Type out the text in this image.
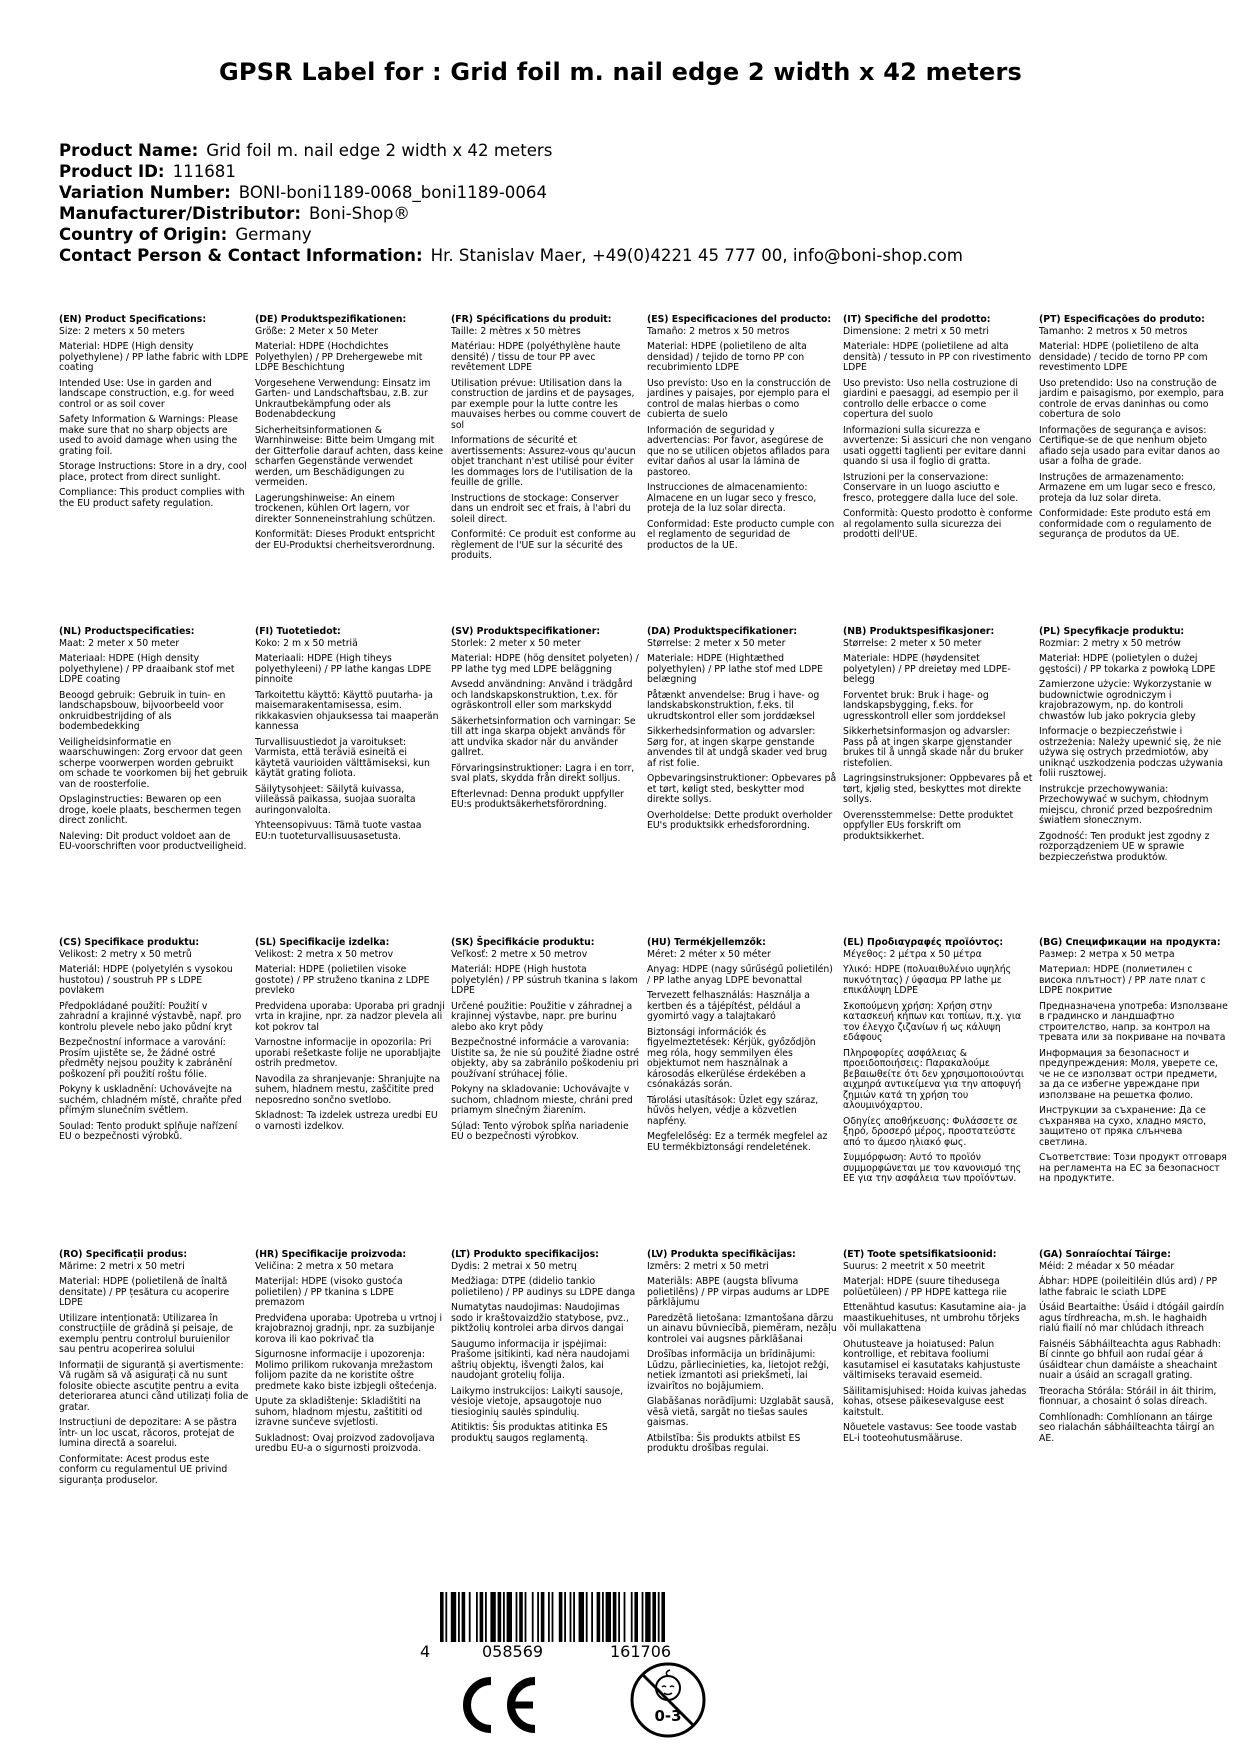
GPSR Label for : Grid foil m. nail edge 2 width x 42 meters
Product Name: Grid foil m. nail edge 2 width x 42 meters
Product ID: 111681
Variation Number: BONI-boni1189-0068_boni1189-0064
Manufacturer/Distributor: Boni-Shop®
Country of Origin: Germany
Contact Person & Contact Information: Hr. Stanislav Maer, +49(0)4221 45 777 00, info@boni-shop.com
(EN) Product Specifications:

Size: 2 meters x 50 meters

Material: HDPE (High density polyethylene) / PP lathe fabric with LDPE coating

Intended Use: Use in garden and landscape construction, e.g. for weed control or as soil cover

Safety Information & Warnings: Please make sure that no sharp objects are used to avoid damage when using the grating foil.

Storage Instructions: Store in a dry, cool place, protect from direct sunlight.

Compliance: This product complies with the EU product safety regulation.

(DE) Produktspezifikationen:

Größe: 2 Meter x 50 Meter

Material: HDPE (Hochdichtes Polyethylen) / PP Drehergewebe mit LDPE Beschichtung

Vorgesehene Verwendung: Einsatz im Garten- und Landschaftsbau, z.B. zur Unkrautbekämpfung oder als Bodenabdeckung

Sicherheitsinformationen & Warnhinweise: Bitte beim Umgang mit der Gitterfolie darauf achten, dass keine scharfen Gegenstände verwendet werden, um Beschädigungen zu vermeiden.

Lagerungshinweise: An einem trockenen, kühlen Ort lagern, vor direkter Sonneneinstrahlung schützen.

Konformität: Dieses Produkt entspricht der EU-Produktsi cherheitsverordnung.

(FR) Spécifications du produit:

Taille: 2 mètres x 50 mètres

Matériau: HDPE (polyéthylène haute densité) / tissu de tour PP avec revêtement LDPE

Utilisation prévue: Utilisation dans la construction de jardins et de paysages, par exemple pour la lutte contre les mauvaises herbes ou comme couvert de sol

Informations de sécurité et avertissements: Assurez-vous qu'aucun objet tranchant n'est utilisé pour éviter les dommages lors de l'utilisation de la feuille de grille.

Instructions de stockage: Conserver dans un endroit sec et frais, à l'abri du soleil direct.

Conformité: Ce produit est conforme au règlement de l'UE sur la sécurité des produits.

(ES) Especificaciones del producto:

Tamaño: 2 metros x 50 metros

Material: HDPE (polietileno de alta densidad) / tejido de torno PP con recubrimiento LDPE

Uso previsto: Uso en la construcción de jardines y paisajes, por ejemplo para el control de malas hierbas o como cubierta de suelo

Información de seguridad y advertencias: Por favor, asegúrese de que no se utilicen objetos afilados para evitar daños al usar la lámina de pastoreo.

Instrucciones de almacenamiento: Almacene en un lugar seco y fresco, proteja de la luz solar directa.

Conformidad: Este producto cumple con el reglamento de seguridad de productos de la UE.

(IT) Specifiche del prodotto:

Dimensione: 2 metri x 50 metri

Materiale: HDPE (polietilene ad alta densità) / tessuto in PP con rivestimento LDPE

Uso previsto: Uso nella costruzione di giardini e paesaggi, ad esempio per il controllo delle erbacce o come copertura del suolo

Informazioni sulla sicurezza e avvertenze: Si assicuri che non vengano usati oggetti taglienti per evitare danni quando si usa il foglio di gratta.

Istruzioni per la conservazione: Conservare in un luogo asciutto e fresco, proteggere dalla luce del sole.

Conformità: Questo prodotto è conforme al regolamento sulla sicurezza dei prodotti dell'UE.

(PT) Especificações do produto:

Tamanho: 2 metros x 50 metros

Material: HDPE (polietileno de alta densidade) / tecido de torno PP com revestimento LDPE

Uso pretendido: Uso na construção de jardim e paisagismo, por exemplo, para controle de ervas daninhas ou como cobertura de solo

Informações de segurança e avisos: Certifique-se de que nenhum objeto afiado seja usado para evitar danos ao usar a folha de grade.

Instruções de armazenamento: Armazene em um lugar seco e fresco, proteja da luz solar direta.

Conformidade: Este produto está em conformidade com o regulamento de segurança de produtos da UE.

(NL) Productspecificaties:

Maat: 2 meter x 50 meter

Materiaal: HDPE (High density polyethylene) / PP draaibank stof met LDPE coating

Beoogd gebruik: Gebruik in tuin- en landschapsbouw, bijvoorbeeld voor onkruidbestrijding of als bodembedekking

Veiligheidsinformatie en waarschuwingen: Zorg ervoor dat geen scherpe voorwerpen worden gebruikt om schade te voorkomen bij het gebruik van de roosterfolie.

Opslaginstructies: Bewaren op een droge, koele plaats, beschermen tegen direct zonlicht.

Naleving: Dit product voldoet aan de EU-voorschriften voor productveiligheid.

(FI) Tuotetiedot:

Koko: 2 m x 50 metriä

Materiaali: HDPE (High tiheys polyethyleeni) / PP lathe kangas LDPE pinnoite

Tarkoitettu käyttö: Käyttö puutarha- ja maisemarakentamisessa, esim. rikkakasvien ohjauksessa tai maaperän kannessa

Turvallisuustiedot ja varoitukset: Varmista, että teräviä esineitä ei käytetä vaurioiden välttämiseksi, kun käytät grating foliota.

Säilytysohjeet: Säilytä kuivassa, viileässä paikassa, suojaa suoralta auringonvalolta.

Yhteensopivuus: Tämä tuote vastaa EU:n tuoteturvallisuusasetusta.

(SV) Produktspecifikationer:

Storlek: 2 meter x 50 meter

Material: HDPE (hög densitet polyeten) / PP lathe tyg med LDPE beläggning

Avsedd användning: Använd i trädgård och landskapskonstruktion, t.ex. för ogräskontroll eller som markskydd

Säkerhetsinformation och varningar: Se till att inga skarpa objekt används för att undvika skador när du använder gallret.

Förvaringsinstruktioner: Lagra i en torr, sval plats, skydda från direkt solljus.

Efterlevnad: Denna produkt uppfyller EU:s produktsäkerhetsförordning.

(DA) Produktspecifikationer:

Størrelse: 2 meter x 50 meter

Materiale: HDPE (Hightæthed polyethylen) / PP lathe stof med LDPE belægning

Påtænkt anvendelse: Brug i have- og landskabskonstruktion, f.eks. til ukrudtskontrol eller som jorddæksel

Sikkerhedsinformation og advarsler: Sørg for, at ingen skarpe genstande anvendes til at undgå skader ved brug af rist folie.

Opbevaringsinstruktioner: Opbevares på et tørt, køligt sted, beskytter mod direkte sollys.

Overholdelse: Dette produkt overholder EU's produktsikk erhedsforordning.

(NB) Produktspesifikasjoner:

Størrelse: 2 meter x 50 meter

Materiale: HDPE (høydensitet polyetylen) / PP dreietøy med LDPE-belegg

Forventet bruk: Bruk i hage- og landskapsbygging, f.eks. for ugresskontroll eller som jorddeksel

Sikkerhetsinformasjon og advarsler: Pass på at ingen skarpe gjenstander brukes til å unngå skade når du bruker ristefolien.

Lagringsinstruksjoner: Oppbevares på et tørt, kjølig sted, beskyttes mot direkte sollys.

Overensstemmelse: Dette produktet oppfyller EUs forskrift om produktsikkerhet.

(PL) Specyfikacje produktu:

Rozmiar: 2 metry x 50 metrów

Materiał: HDPE (polietylen o dużej gęstości) / PP tokarka z powłoką LDPE

Zamierzone użycie: Wykorzystanie w budownictwie ogrodniczym i krajobrazowym, np. do kontroli chwastów lub jako pokrycia gleby

Informacje o bezpieczeństwie i ostrzeżenia: Należy upewnić się, że nie używa się ostrych przedmiotów, aby uniknąć uszkodzenia podczas używania folii rusztowej.

Instrukcje przechowywania: Przechowywać w suchym, chłodnym miejscu, chronić przed bezpośrednim światłem słonecznym.

Zgodność: Ten produkt jest zgodny z rozporządzeniem UE w sprawie bezpieczeństwa produktów.

(CS) Specifikace produktu:

Velikost: 2 metry x 50 metrů

Materiál: HDPE (polyetylén s vysokou hustotou) / soustruh PP s LDPE povlakem

Předpokládané použití: Použití v zahradní a krajinné výstavbě, např. pro kontrolu plevele nebo jako půdní kryt

Bezpečnostní informace a varování: Prosím ujistěte se, že žádné ostré předměty nejsou použity k zabránění poškození při použití roštu fólie.

Pokyny k uskladnění: Uchovávejte na suchém, chladném místě, chraňte před přímým slunečním světlem.

Soulad: Tento produkt splňuje nařízení EU o bezpečnosti výrobků.

(SL) Specifikacije izdelka:

Velikost: 2 metra x 50 metrov

Material: HDPE (polietilen visoke gostote) / PP struženo tkanina z LDPE prevleko

Predvidena uporaba: Uporaba pri gradnji vrta in krajine, npr. za nadzor plevela ali kot pokrov tal

Varnostne informacije in opozorila: Pri uporabi rešetkaste folije ne uporabljajte ostrih predmetov.

Navodila za shranjevanje: Shranjujte na suhem, hladnem mestu, zaščitite pred neposredno sončno svetlobo.

Skladnost: Ta izdelek ustreza uredbi EU o varnosti izdelkov.

(SK) Špecifikácie produktu:

Veľkosť: 2 metre x 50 metrov

Materiál: HDPE (High hustota polyetylén) / PP sústruh tkanina s lakom LDPE

Určené použitie: Použitie v záhradnej a krajinnej výstavbe, napr. pre burinu alebo ako kryt pôdy

Bezpečnostné informácie a varovania: Uistite sa, že nie sú použité žiadne ostré objekty, aby sa zabránilo poškodeniu pri používaní strúhacej fólie.

Pokyny na skladovanie: Uchovávajte v suchom, chladnom mieste, chráni pred priamym slnečným žiarením.

Súlad: Tento výrobok spĺňa nariadenie EÚ o bezpečnosti výrobkov.

(HU) Termékjellemzők:

Méret: 2 méter x 50 méter

Anyag: HDPE (nagy sűrűségű polietilén) / PP lathe anyag LDPE bevonattal

Tervezett felhasználás: Használja a kertben és a tájépítést, például a gyomirtó vagy a talajtakaró

Biztonsági információk és figyelmeztetések: Kérjük, győződjön meg róla, hogy semmilyen éles objektumot nem használnak a károsodás elkerülése érdekében a csónakázás során.

Tárolási utasítások: Üzlet egy száraz, hűvös helyen, védje a közvetlen napfény.

Megfelelőség: Ez a termék megfelel az EU termékbiztonsági rendeletének.

(EL) Προδιαγραφές προϊόντος:

Μέγεθος: 2 μέτρα x 50 μέτρα

Υλικό: HDPE (πολυαιθυλένιο υψηλής πυκνότητας) / ύφασμα PP lathe με επικάλυψη LDPE

Σκοπούμενη χρήση: Χρήση στην κατασκευή κήπων και τοπίων, π.χ. για τον έλεγχο ζιζανίων ή ως κάλυψη εδάφους

Πληροφορίες ασφάλειας & προειδοποιήσεις: Παρακαλούμε βεβαιωθείτε ότι δεν χρησιμοποιούνται αιχμηρά αντικείμενα για την αποφυγή ζημιών κατά τη χρήση του αλουμινόχαρτου.

Οδηγίες αποθήκευσης: Φυλάσσετε σε ξηρό, δροσερό μέρος, προστατεύστε από το άμεσο ηλιακό φως.

Συμμόρφωση: Αυτό το προϊόν συμμορφώνεται με τον κανονισμό της ΕΕ για την ασφάλεια των προϊόντων.

(BG) Спецификации на продукта:

Размер: 2 метра x 50 метра

Материал: HDPE (полиетилен с висока плътност) / PP лате плат с LDPE покритие

Предназначена употреба: Използване в градинско и ландшафтно строителство, напр. за контрол на тревата или за покриване на почвата

Информация за безопасност и предупреждения: Моля, уверете се, че не се използват остри предмети, за да се избегне увреждане при използване на решетка фолио.

Инструкции за съхранение: Да се съхранява на сухо, хладно място, защитено от пряка слънчева светлина.

Съответствие: Този продукт отговаря на регламента на ЕС за безопасност на продуктите.

(RO) Specificații produs:

Mărime: 2 metri x 50 metri

Material: HDPE (polietilenă de înaltă densitate) / PP țesătura cu acoperire LDPE

Utilizare intenționată: Utilizarea în construcțiile de grădină și peisaje, de exemplu pentru controlul buruienilor sau pentru acoperirea solului

Informații de siguranță și avertismente: Vă rugăm să vă asigurați că nu sunt folosite obiecte ascuțite pentru a evita deteriorarea atunci când utilizați folia de gratar.

Instrucțiuni de depozitare: A se păstra într- un loc uscat, răcoros, protejat de lumina directă a soarelui.

Conformitate: Acest produs este conform cu regulamentul UE privind siguranța produselor.

(HR) Specifikacije proizvoda:

Veličina: 2 metra x 50 metara

Materijal: HDPE (visoko gustoća polietilen) / PP tkanina s LDPE premazom

Predviđena uporaba: Upotreba u vrtnoj i krajobraznoj gradnji, npr. za suzbijanje korova ili kao pokrivač tla

Sigurnosne informacije i upozorenja: Molimo prilikom rukovanja mrežastom folijom pazite da ne koristite oštre predmete kako biste izbjegli oštećenja.

Upute za skladištenje: Skladištiti na suhom, hladnom mjestu, zaštititi od izravne sunčeve svjetlosti.

Sukladnost: Ovaj proizvod zadovoljava uredbu EU-a o sigurnosti proizvoda.

(LT) Produkto specifikacijos:

Dydis: 2 metrai x 50 metrų

Medžiaga: DTPE (didelio tankio polietileno) / PP audinys su LDPE danga

Numatytas naudojimas: Naudojimas sodo ir kraštovaizdžio statybose, pvz., piktžolių kontrolei arba dirvos dangai

Saugumo informacija ir įspėjimai: Prašome įsitikinti, kad nėra naudojami aštrių objektų, išvengti žalos, kai naudojant grotelių folija.

Laikymo instrukcijos: Laikyti sausoje, vėsioje vietoje, apsaugotoje nuo tiesioginių saulės spindulių.

Atitiktis: Šis produktas atitinka ES produktų saugos reglamentą.

(LV) Produkta specifikācijas:

Izmērs: 2 metri x 50 metri

Materiāls: ABPE (augsta blīvuma polietilēns) / PP virpas audums ar LDPE pārklājumu

Paredzētā lietošana: Izmantošana dārzu un ainavu būvniecībā, piemēram, nezāļu kontrolei vai augsnes pārklāšanai

Drošības informācija un brīdinājumi: Lūdzu, pārliecinieties, ka, lietojot režģi, netiek izmantoti asi priekšmeti, lai izvairītos no bojājumiem.

Glabāšanas norādījumi: Uzglabāt sausā, vēsā vietā, sargāt no tiešas saules gaismas.

Atbilstība: Šis produkts atbilst ES produktu drošības regulai.

(ET) Toote spetsifikatsioonid:

Suurus: 2 meetrit x 50 meetrit

Materjal: HDPE (suure tihedusega polüetüleen) / PP HDPE kattega riie

Ettenähtud kasutus: Kasutamine aia- ja maastikuehituses, nt umbrohu tõrjeks või mullakattena

Ohutusteave ja hoiatused: Palun kontrollige, et rebitava fooliumi kasutamisel ei kasutataks kahjustuste vältimiseks teravaid esemeid.

Säilitamisjuhised: Hoida kuivas jahedas kohas, otsese päikesevalguse eest kaitstult.

Nõuetele vastavus: See toode vastab EL-i tooteohutusmääruse.

(GA) Sonraíochtaí Táirge:

Méid: 2 méadar x 50 méadar

Ábhar: HDPE (poileitiléin dlús ard) / PP lathe fabraic le sciath LDPE

Úsáid Beartaithe: Úsáid i dtógáil gairdín agus tírdhreacha, m.sh. le haghaidh rialú fiailí nó mar chlúdach ithreach

Faisnéis Sábháilteachta agus Rabhadh: Bí cinnte go bhfuil aon rudaí géar á úsáidtear chun damáiste a sheachaint nuair a úsáid an scragall grating.

Treoracha Stórála: Stóráil in áit thirim, fionnuar, a chosaint ó solas díreach.

Comhlíonadh: Comhlíonann an táirge seo rialachán sábháilteachta táirgí an AE.

4	058569	161706
0-3
